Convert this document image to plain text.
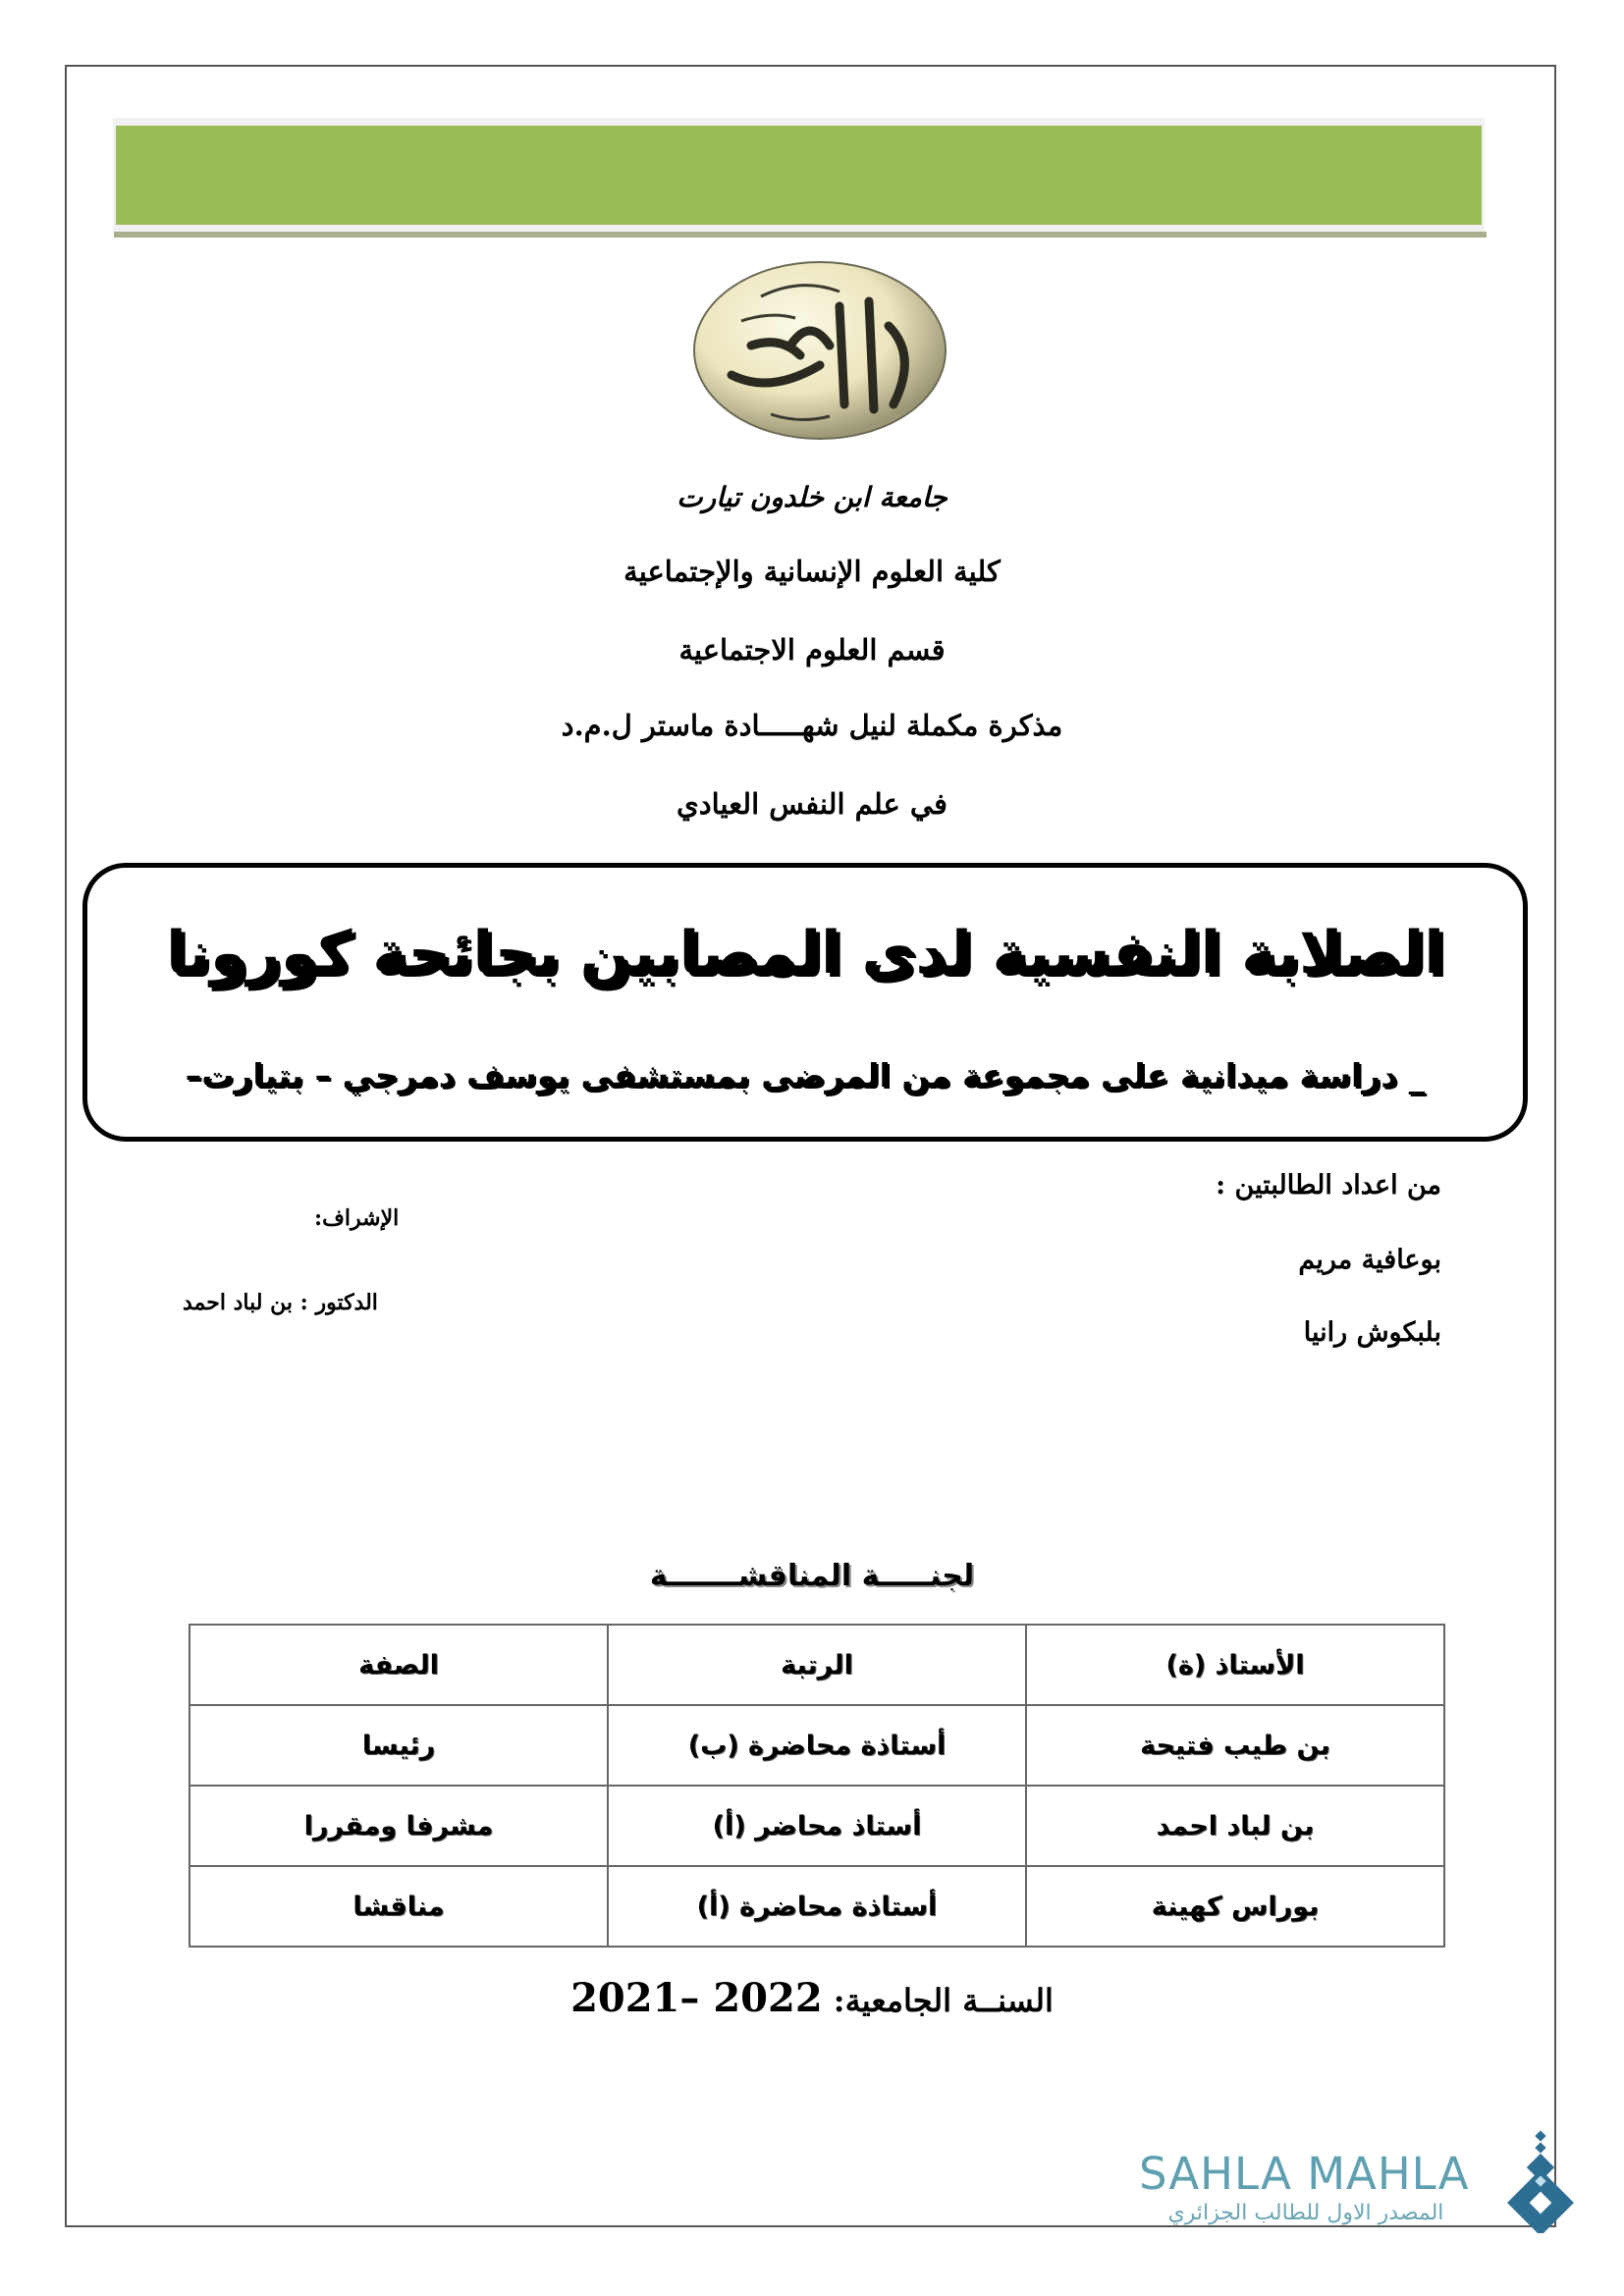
جامعة ابن خلدون تيارت
كلية العلوم الإنسانية والإجتماعية
قسم العلوم الاجتماعية
مذكرة مكملة لنيل شهـــــادة ماستر ل.م.د
في علم النفس العيادي
الصلابة النفسية لدى المصابين بجائحة كورونا
_ دراسة ميدانية على مجموعة من المرضى بمستشفى يوسف دمرجي – بتيارت–
من اعداد الطالبتين :
بوعافية مريم
بلبكوش رانيا
الإشراف:
الدكتور : بن لباد احمد
لجنـــــة المناقشـــــــة
الأستاذ (ة)	الرتبة	الصفة
بن طيب فتيحة	أستاذة محاضرة (ب)	رئيسا
بن لباد احمد	أستاذ محاضر (أ)	مشرفا ومقررا
بوراس كهينة	أستاذة محاضرة (أ)	مناقشا
السنــة الجامعية: 2021– 2022
SAHLA MAHLA
المصدر الاول للطالب الجزائري
